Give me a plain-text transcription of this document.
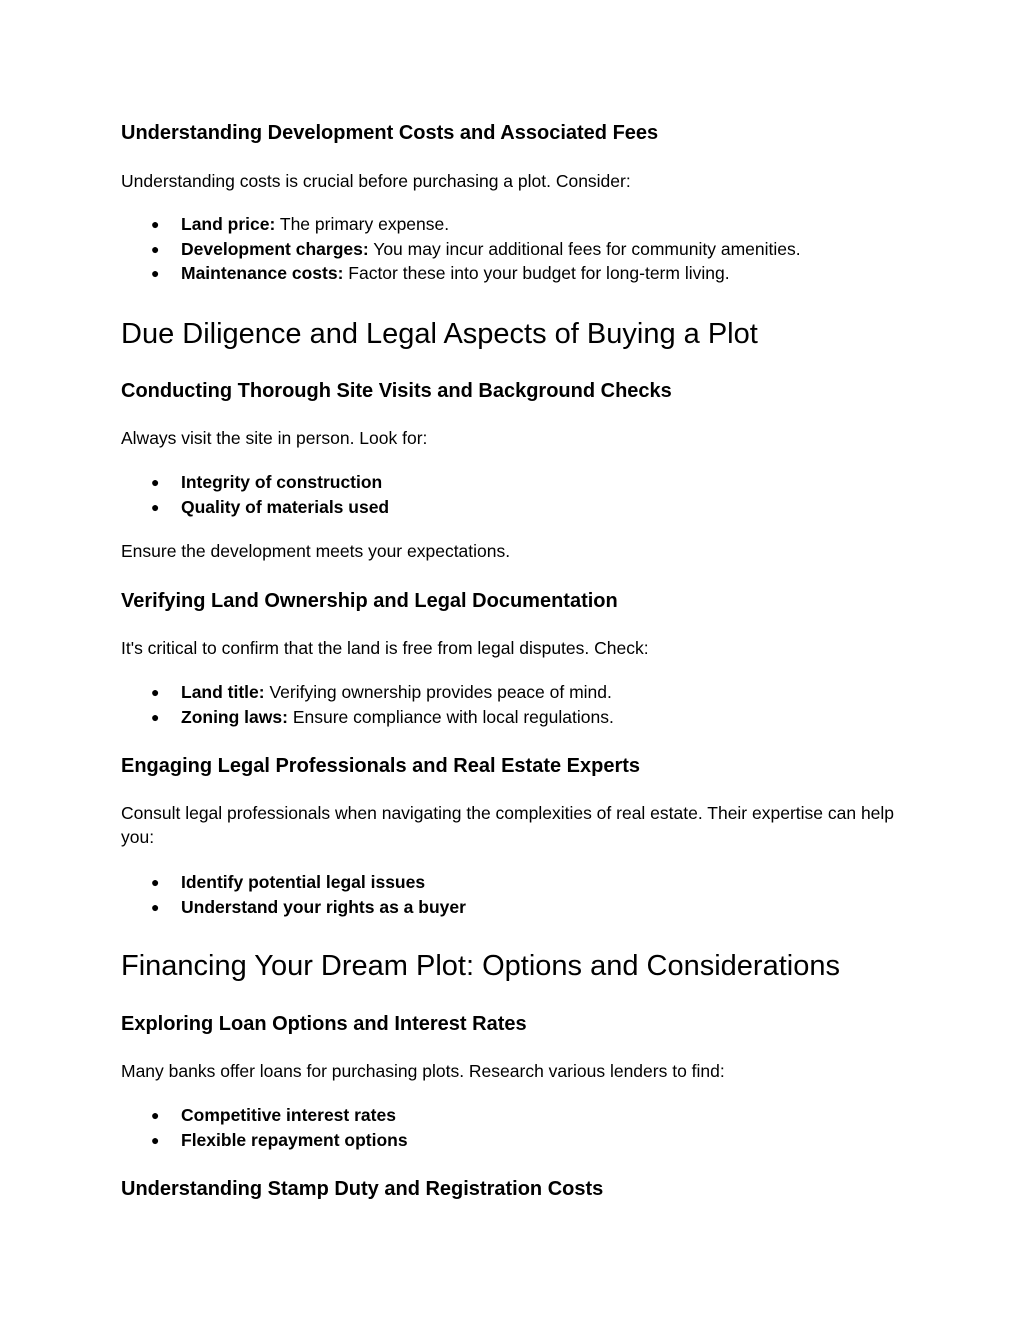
Understanding Development Costs and Associated Fees

Understanding costs is crucial before purchasing a plot. Consider:

● Land price: The primary expense.
● Development charges: You may incur additional fees for community amenities.
● Maintenance costs: Factor these into your budget for long-term living.
Due Diligence and Legal Aspects of Buying a Plot
Conducting Thorough Site Visits and Background Checks

Always visit the site in person. Look for:

● Integrity of construction
● Quality of materials used

Ensure the development meets your expectations.

Verifying Land Ownership and Legal Documentation

It's critical to confirm that the land is free from legal disputes. Check:

● Land title: Verifying ownership provides peace of mind.
● Zoning laws: Ensure compliance with local regulations.
Engaging Legal Professionals and Real Estate Experts

Consult legal professionals when navigating the complexities of real estate. Their expertise can help you:

● Identify potential legal issues
● Understand your rights as a buyer
Financing Your Dream Plot: Options and Considerations
Exploring Loan Options and Interest Rates

Many banks offer loans for purchasing plots. Research various lenders to find:

● Competitive interest rates
● Flexible repayment options
Understanding Stamp Duty and Registration Costs
